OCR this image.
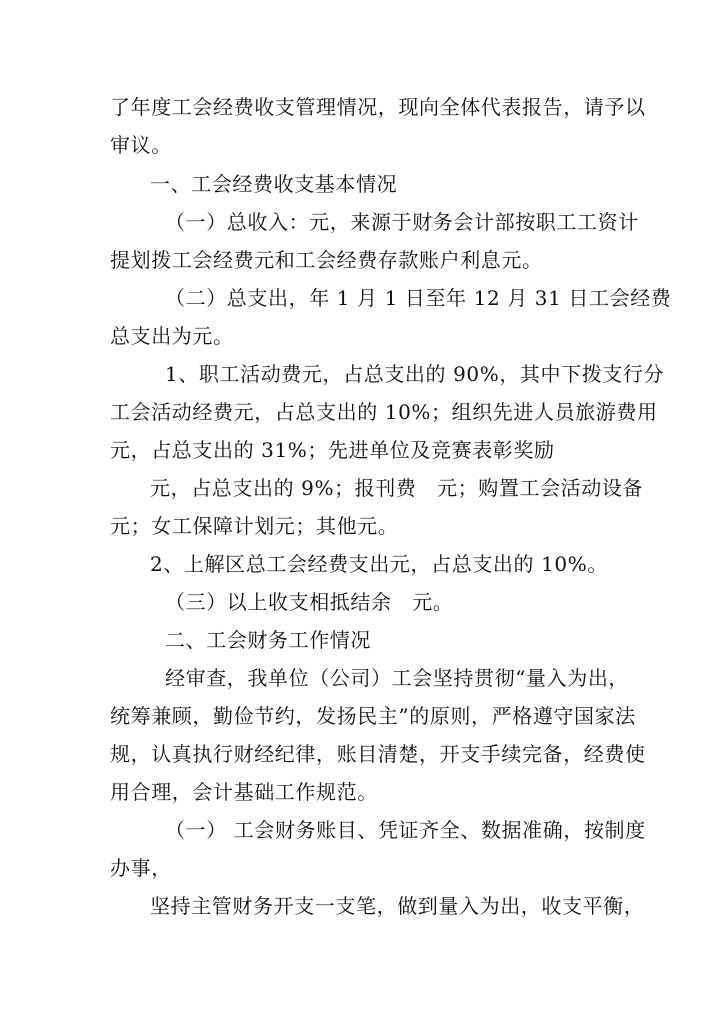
了年度工会经费收支管理情况，现向全体代表报告，请予以

审议。

一、工会经费收支基本情况

（一）总收入：元，来源于财务会计部按职工工资计

提划拨工会经费元和工会经费存款账户利息元。

（二）总支出，年 1 月 1 日至年 12 月 31 日工会经费

总支出为元。

1、职工活动费元，占总支出的 90%，其中下拨支行分

工会活动经费元，占总支出的 10%；组织先进人员旅游费用

元，占总支出的 31%；先进单位及竞赛表彰奖励

元，占总支出的 9%；报刊费　元；购置工会活动设备

元；女工保障计划元；其他元。

2、上解区总工会经费支出元，占总支出的 10%。

（三）以上收支相抵结余　元。

二、工会财务工作情况

经审查，我单位（公司）工会坚持贯彻“量入为出，

统筹兼顾，勤俭节约，发扬民主”的原则，严格遵守国家法

规，认真执行财经纪律，账目清楚，开支手续完备，经费使

用合理，会计基础工作规范。

（一） 工会财务账目、凭证齐全、数据准确，按制度

办事，

坚持主管财务开支一支笔，做到量入为出，收支平衡，
